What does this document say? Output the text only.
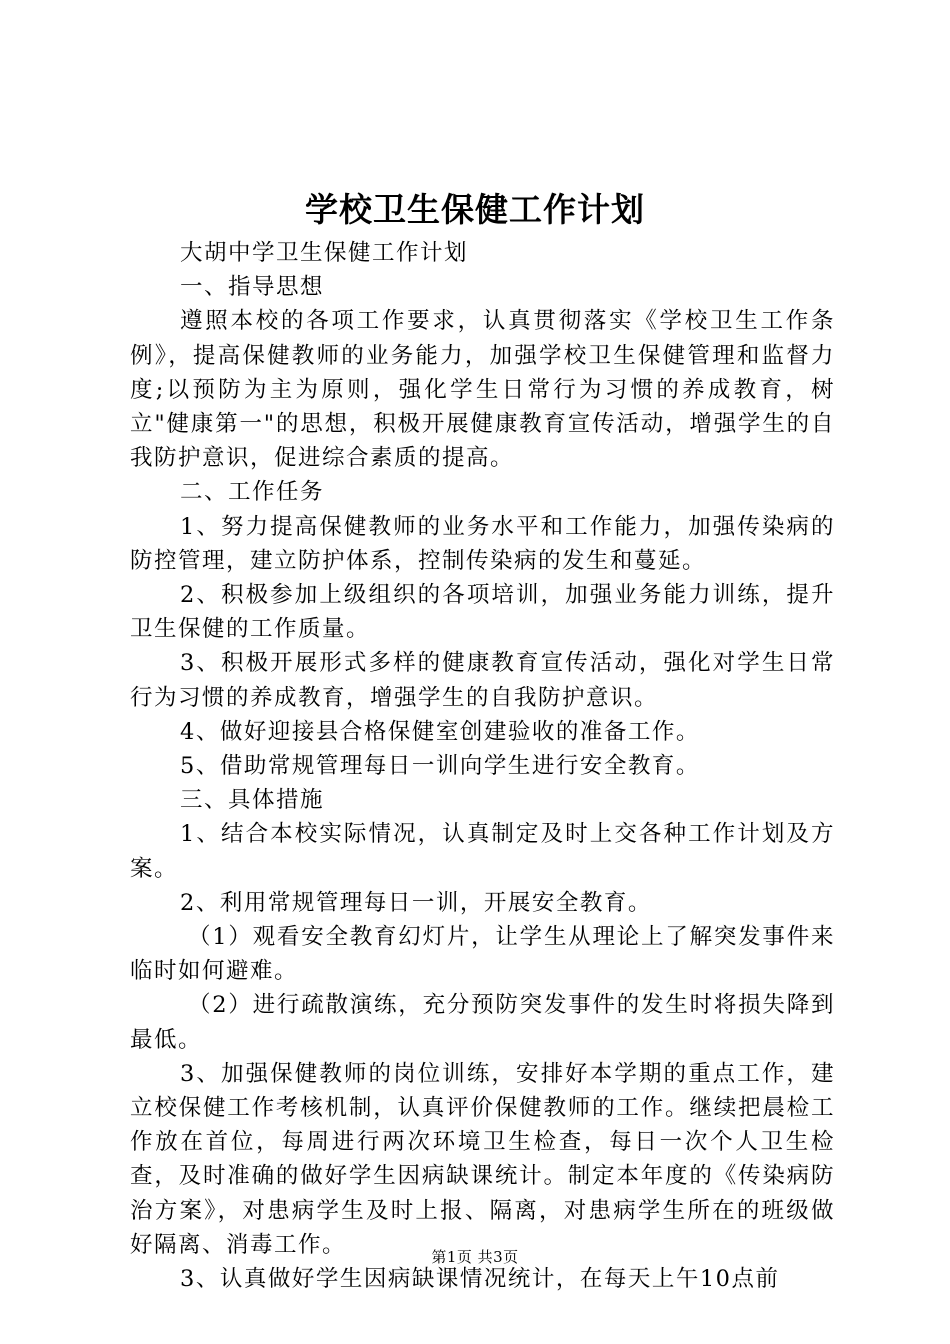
学校卫生保健工作计划

大胡中学卫生保健工作计划

一、指导思想

遵照本校的各项工作要求，认真贯彻落实《学校卫生工作条例》，提高保健教师的业务能力，加强学校卫生保健管理和监督力度;以预防为主为原则，强化学生日常行为习惯的养成教育，树立"健康第一"的思想，积极开展健康教育宣传活动，增强学生的自我防护意识，促进综合素质的提高。

二、工作任务

1、努力提高保健教师的业务水平和工作能力，加强传染病的防控管理，建立防护体系，控制传染病的发生和蔓延。

2、积极参加上级组织的各项培训，加强业务能力训练，提升卫生保健的工作质量。

3、积极开展形式多样的健康教育宣传活动，强化对学生日常行为习惯的养成教育，增强学生的自我防护意识。

4、做好迎接县合格保健室创建验收的准备工作。

5、借助常规管理每日一训向学生进行安全教育。

三、具体措施

1、结合本校实际情况，认真制定及时上交各种工作计划及方案。

2、利用常规管理每日一训，开展安全教育。

（1）观看安全教育幻灯片，让学生从理论上了解突发事件来临时如何避难。

（2）进行疏散演练，充分预防突发事件的发生时将损失降到最低。

3、加强保健教师的岗位训练，安排好本学期的重点工作，建立校保健工作考核机制，认真评价保健教师的工作。继续把晨检工作放在首位，每周进行两次环境卫生检查，每日一次个人卫生检查，及时准确的做好学生因病缺课统计。制定本年度的《传染病防治方案》，对患病学生及时上报、隔离，对患病学生所在的班级做好隔离、消毒工作。

3、认真做好学生因病缺课情况统计，在每天上午10点前

第1页 共3页
